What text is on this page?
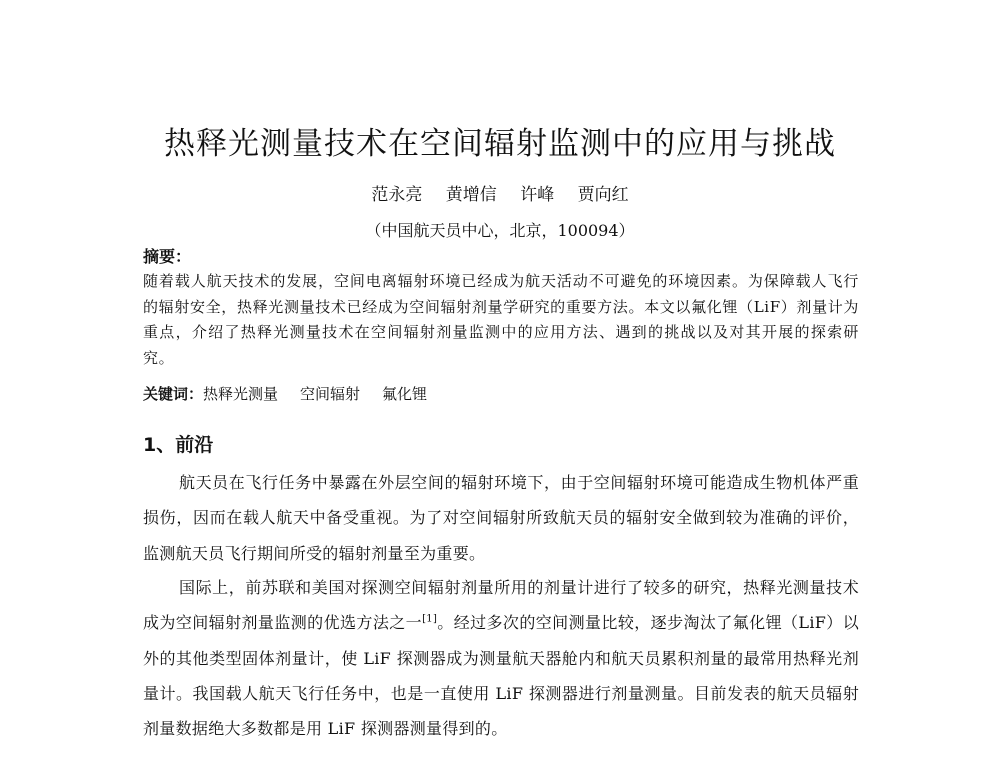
热释光测量技术在空间辐射监测中的应用与挑战
范永亮 黄增信 许峰 贾向红
（中国航天员中心，北京，100094）
摘要：
随着载人航天技术的发展，空间电离辐射环境已经成为航天活动不可避免的环境因素。为保障载人飞行的辐射安全，热释光测量技术已经成为空间辐射剂量学研究的重要方法。本文以氟化锂（LiF）剂量计为重点，介绍了热释光测量技术在空间辐射剂量监测中的应用方法、遇到的挑战以及对其开展的探索研究。
关键词：热释光测量 空间辐射 氟化锂
1、前沿
航天员在飞行任务中暴露在外层空间的辐射环境下，由于空间辐射环境可能造成生物机体严重损伤，因而在载人航天中备受重视。为了对空间辐射所致航天员的辐射安全做到较为准确的评价，监测航天员飞行期间所受的辐射剂量至为重要。
国际上，前苏联和美国对探测空间辐射剂量所用的剂量计进行了较多的研究，热释光测量技术成为空间辐射剂量监测的优选方法之一[1]。经过多次的空间测量比较，逐步淘汰了氟化锂（LiF）以外的其他类型固体剂量计，使 LiF 探测器成为测量航天器舱内和航天员累积剂量的最常用热释光剂量计。我国载人航天飞行任务中，也是一直使用 LiF 探测器进行剂量测量。目前发表的航天员辐射剂量数据绝大多数都是用 LiF 探测器测量得到的。
